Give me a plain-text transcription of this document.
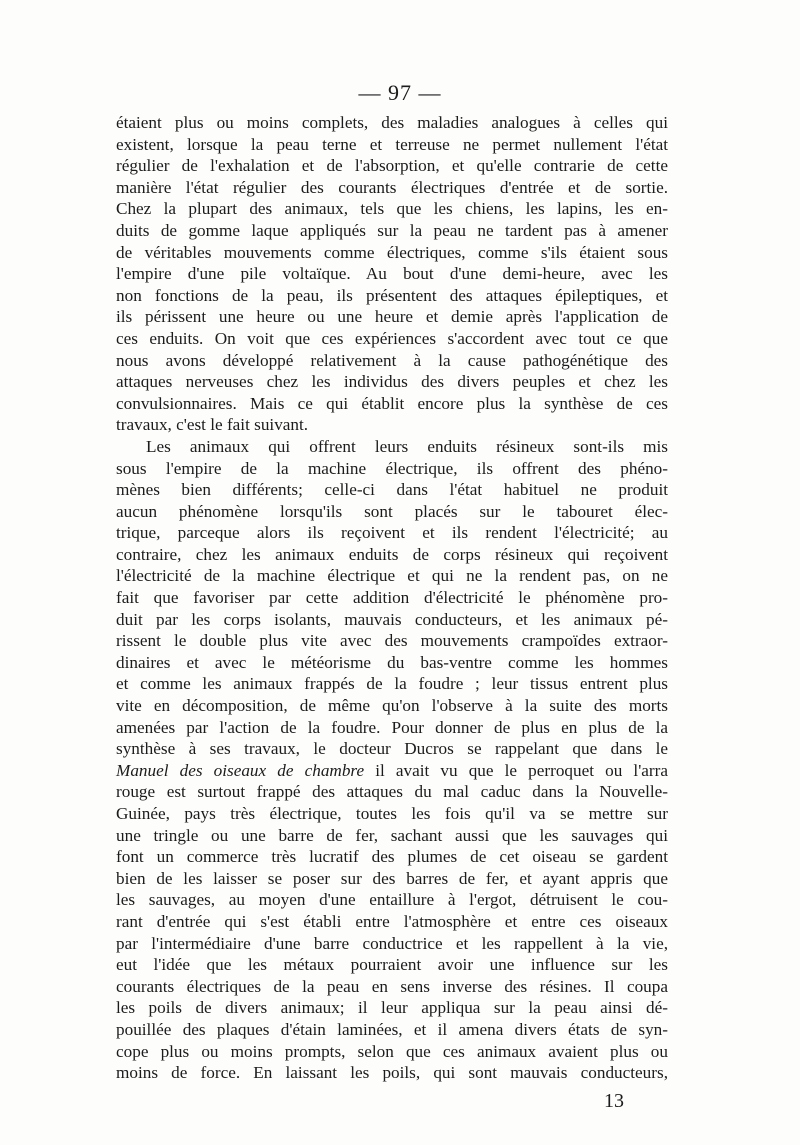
— 97 —
étaient plus ou moins complets, des maladies analogues à celles qui
existent, lorsque la peau terne et terreuse ne permet nullement l'état
régulier de l'exhalation et de l'absorption, et qu'elle contrarie de cette
manière l'état régulier des courants électriques d'entrée et de sortie.
Chez la plupart des animaux, tels que les chiens, les lapins, les en-
duits de gomme laque appliqués sur la peau ne tardent pas à amener
de véritables mouvements comme électriques, comme s'ils étaient sous
l'empire d'une pile voltaïque. Au bout d'une demi-heure, avec les
non fonctions de la peau, ils présentent des attaques épileptiques, et
ils périssent une heure ou une heure et demie après l'application de
ces enduits. On voit que ces expériences s'accordent avec tout ce que
nous avons développé relativement à la cause pathogénétique des
attaques nerveuses chez les individus des divers peuples et chez les
convulsionnaires. Mais ce qui établit encore plus la synthèse de ces
travaux, c'est le fait suivant.
Les animaux qui offrent leurs enduits résineux sont-ils mis
sous l'empire de la machine électrique, ils offrent des phéno-
mènes bien différents; celle-ci dans l'état habituel ne produit
aucun phénomène lorsqu'ils sont placés sur le tabouret élec-
trique, parceque alors ils reçoivent et ils rendent l'électricité; au
contraire, chez les animaux enduits de corps résineux qui reçoivent
l'électricité de la machine électrique et qui ne la rendent pas, on ne
fait que favoriser par cette addition d'électricité le phénomène pro-
duit par les corps isolants, mauvais conducteurs, et les animaux pé-
rissent le double plus vite avec des mouvements crampoïdes extraor-
dinaires et avec le météorisme du bas-ventre comme les hommes
et comme les animaux frappés de la foudre ; leur tissus entrent plus
vite en décomposition, de même qu'on l'observe à la suite des morts
amenées par l'action de la foudre. Pour donner de plus en plus de la
synthèse à ses travaux, le docteur Ducros se rappelant que dans le
Manuel des oiseaux de chambre il avait vu que le perroquet ou l'arra
rouge est surtout frappé des attaques du mal caduc dans la Nouvelle-
Guinée, pays très électrique, toutes les fois qu'il va se mettre sur
une tringle ou une barre de fer, sachant aussi que les sauvages qui
font un commerce très lucratif des plumes de cet oiseau se gardent
bien de les laisser se poser sur des barres de fer, et ayant appris que
les sauvages, au moyen d'une entaillure à l'ergot, détruisent le cou-
rant d'entrée qui s'est établi entre l'atmosphère et entre ces oiseaux
par l'intermédiaire d'une barre conductrice et les rappellent à la vie,
eut l'idée que les métaux pourraient avoir une influence sur les
courants électriques de la peau en sens inverse des résines. Il coupa
les poils de divers animaux; il leur appliqua sur la peau ainsi dé-
pouillée des plaques d'étain laminées, et il amena divers états de syn-
cope plus ou moins prompts, selon que ces animaux avaient plus ou
moins de force. En laissant les poils, qui sont mauvais conducteurs,
13
